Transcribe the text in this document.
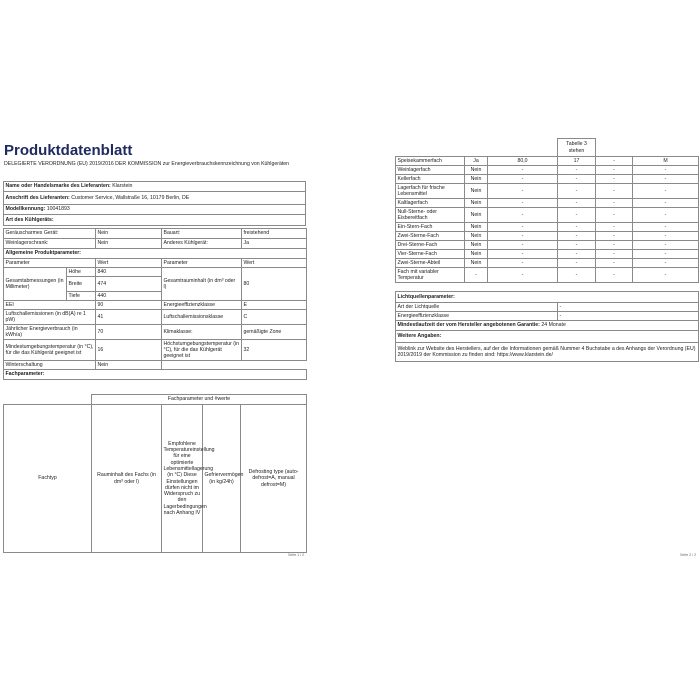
Produktdatenblatt
DELEGIERTE VERORDNUNG (EU) 2019/2016 DER KOMMISSION zur Energieverbrauchskennzeichnung von Kühlgeräten
Name oder Handelsmarke des Lieferanten: Klarstein
Anschrift des Lieferanten: Customer Service, Wallstraße 16, 10179 Berlin, DE
Modellkennung: 10041893
Art des Kühlgeräts:
Geräuscharmes Gerät:	Nein	Bauart:	freistehend
Weinlagerschrank:	Nein	Anderes Kühlgerät:	Ja
Allgemeine Produktparameter:			
Parameter		Wert	Parameter	Wert
Gesamtabmessungen (in Millimeter)	Höhe	840	Gesamtrauminhalt (in dm³ oder l)	80
	Breite	474		
	Tiefe	440		
EEI		90	Energieeffizienzklasse	E
Luftschallemissionen (in dB(A) re 1 pW)		41	Luftschallemissionsklasse	C
Jährlicher Energieverbrauch (in kWh/a)		70	Klimaklasse:	gemäßigte Zone
Mindestumgebungstemperatur (in °C), für die das Kühlgerät geeignet ist		16	Höchstumgebungstemperatur (in °C), für die das Kühlgerät geeignet ist	32
Winterschaltung		Nein		
Fachparameter:				
	Fachparameter und #werte			
Fachtyp	Rauminhalt des Fachs (in dm³ oder l)	Empfohlene Temperatureinstellung für eine optimierte Lebensmittellagerung (in °C) Diese Einstellungen dürfen nicht im Widerspruch zu den Lagerbedingungen nach Anhang IV	Gefriervermögen (in kg/24h)	Defrosting type (auto-defrost=A, manual defrost=M)
Seite 1 / 2
			Tabelle 3 stehen		
Speisekammerfach	Ja	80,0	17	-	M
Weinlagerfach	Nein	-	-	-	-
Kellerfach	Nein	-	-	-	-
Lagerfach für frische Lebensmittel	Nein	-	-	-	-
Kaltlagerfach	Nein	-	-	-	-
Null-Sterne- oder Eisbereitfach	Nein	-	-	-	-
Ein-Stern-Fach	Nein	-	-	-	-
Zwei-Sterne-Fach	Nein	-	-	-	-
Drei-Sterne-Fach	Nein	-	-	-	-
Vier-Sterne-Fach	Nein	-	-	-	-
Zwei-Sterne-Abteil	Nein	-	-	-	-
Fach mit variabler Temperatur	-	-	-	-	-
Lichtquellenparameter:	
Art der Lichtquelle	-
Energieeffizienzklasse	-
Mindestlaufzeit der vom Hersteller angebotenen Garantie: 24 Monate	
Weitere Angaben:	
Weblink zur Website des Herstellers, auf der die Informationen gemäß Nummer 4 Buchstabe a des Anhangs der Verordnung (EU) 2019/2019 der Kommission zu finden sind: https://www.klarstein.de/	
Seite 2 / 2
